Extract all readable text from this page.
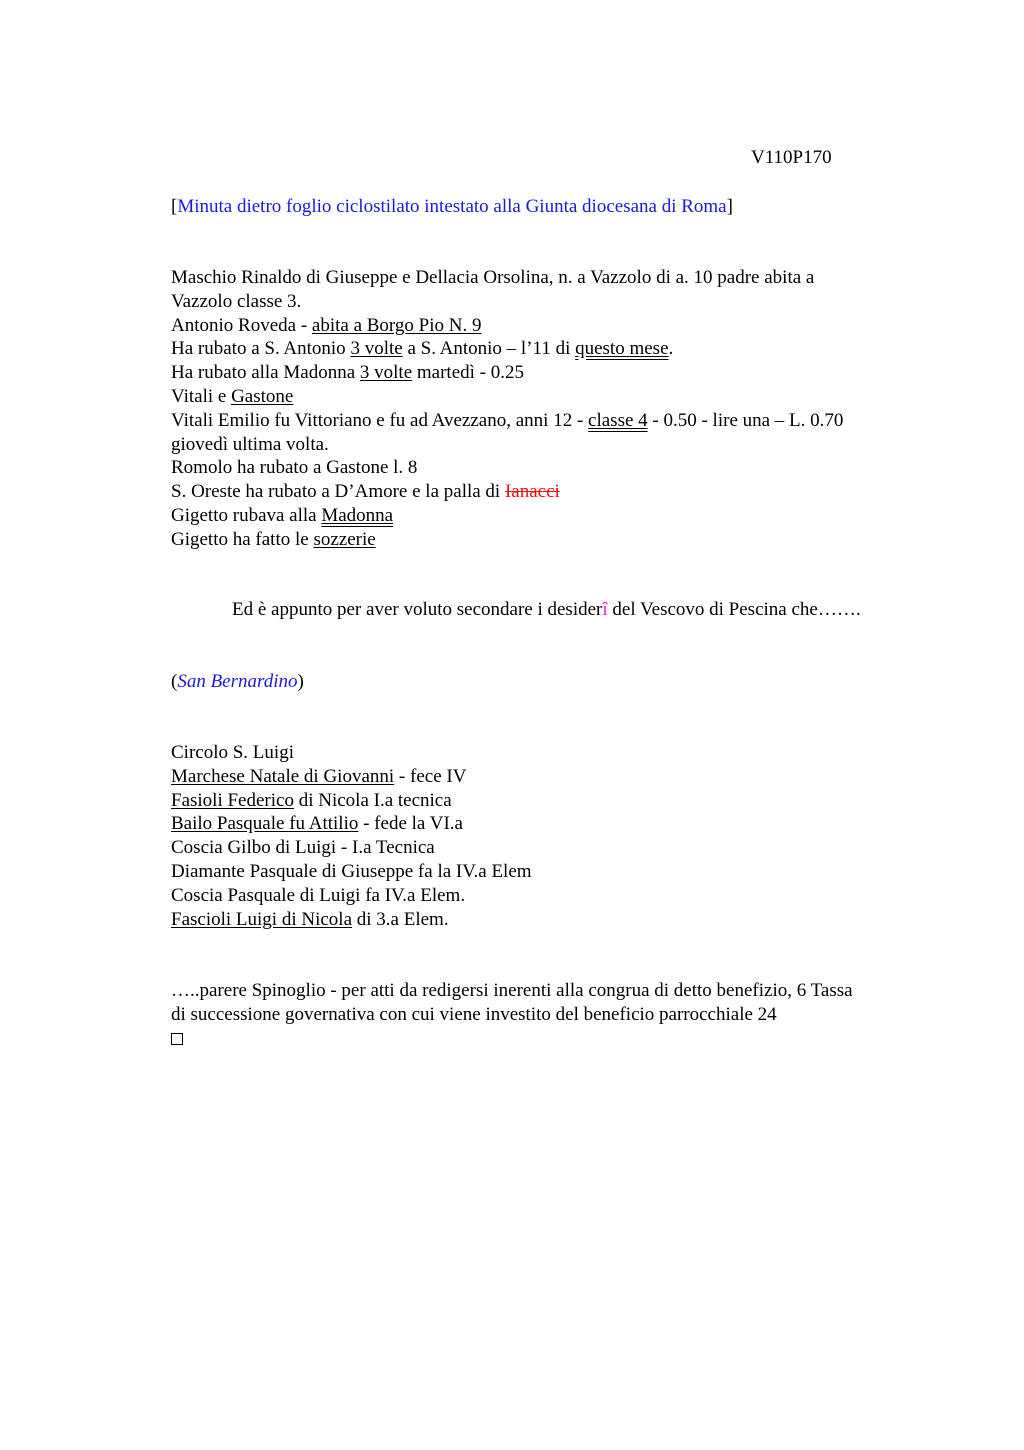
V110P170
[Minuta dietro foglio ciclostilato intestato alla Giunta diocesana di Roma]
Maschio Rinaldo di Giuseppe e Dellacia Orsolina, n. a Vazzolo di a. 10 padre abita a
Vazzolo classe 3.
Antonio Roveda - abita a Borgo Pio N. 9
Ha rubato a S. Antonio 3 volte a S. Antonio – l’11 di questo mese.
Ha rubato alla Madonna 3 volte martedì - 0.25
Vitali e Gastone
Vitali Emilio fu Vittoriano e fu ad Avezzano, anni 12 - classe 4 - 0.50 - lire una – L. 0.70
giovedì ultima volta.
Romolo ha rubato a Gastone l. 8
S. Oreste ha rubato a D’Amore e la palla di Ianacci
Gigetto rubava alla Madonna
Gigetto ha fatto le sozzerie
Ed è appunto per aver voluto secondare i desiderî del Vescovo di Pescina che…….
(San Bernardino)
Circolo S. Luigi
Marchese Natale di Giovanni - fece IV
Fasioli Federico di Nicola I.a tecnica
Bailo Pasquale fu Attilio - fede la VI.a
Coscia Gilbo di Luigi - I.a Tecnica
Diamante Pasquale di Giuseppe fa la IV.a Elem
Coscia Pasquale di Luigi fa IV.a Elem.
Fascioli Luigi di Nicola di 3.a Elem.
…..parere Spinoglio - per atti da redigersi inerenti alla congrua di detto benefizio, 6 Tassa
di successione governativa con cui viene investito del beneficio parrocchiale 24
